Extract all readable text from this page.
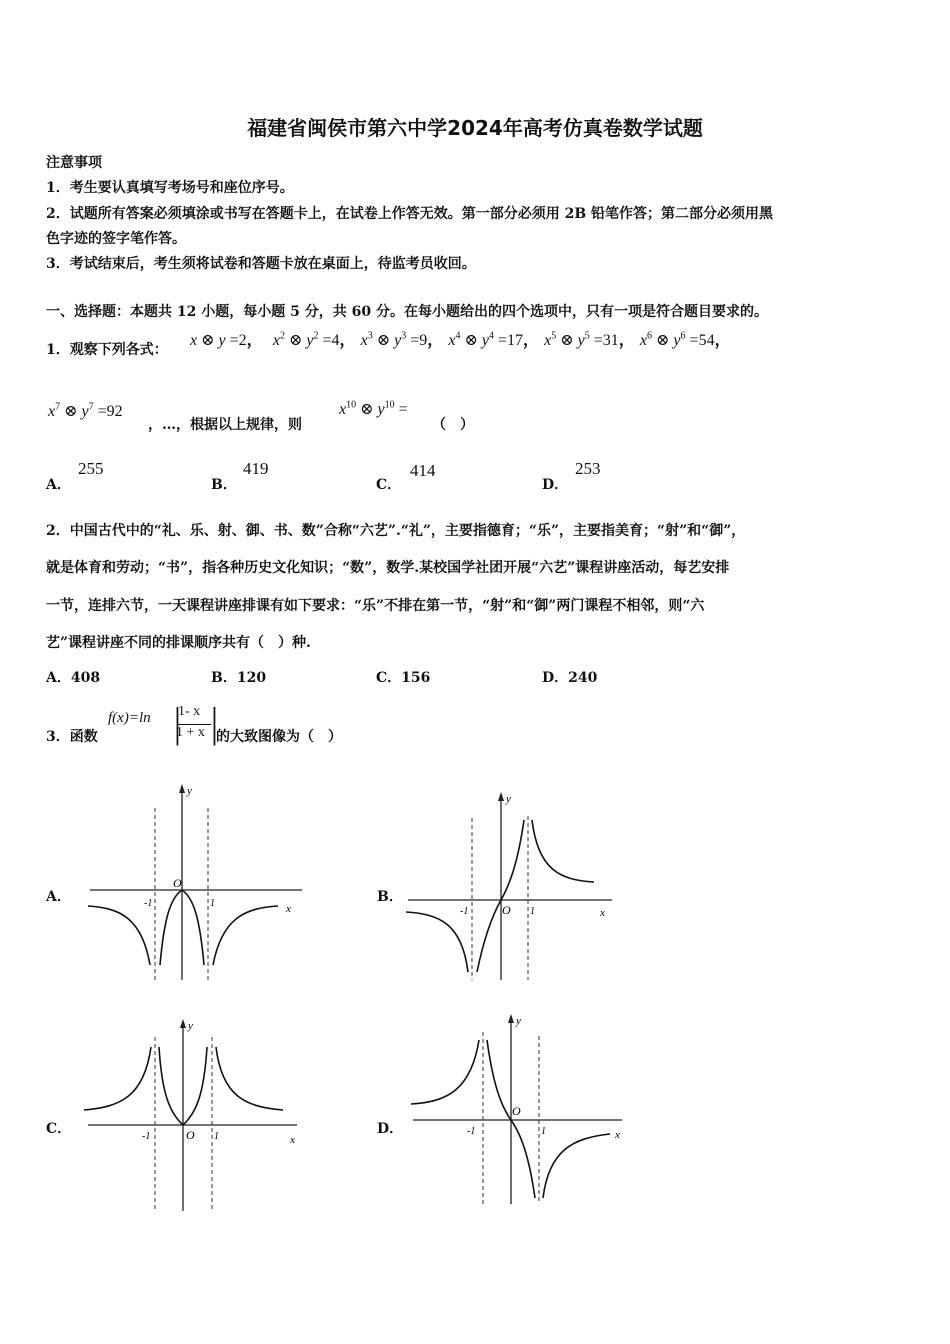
福建省闽侯市第六中学2024年高考仿真卷数学试题
注意事项
1．考生要认真填写考场号和座位序号。
2．试题所有答案必须填涂或书写在答题卡上，在试卷上作答无效。第一部分必须用 2B 铅笔作答；第二部分必须用黑
色字迹的签字笔作答。
3．考试结束后，考生须将试卷和答题卡放在桌面上，待监考员收回。
一、选择题：本题共 12 小题，每小题 5 分，共 60 分。在每小题给出的四个选项中，只有一项是符合题目要求的。
1．观察下列各式：
x ⊗ y =2， $x^2$ ⊗ $y^2 =4$， $x^3$ ⊗ $y^3 =9$， $x^4$ ⊗ $y^4 =17$， $x^5$ ⊗ $y^5 =31$， $x^6$ ⊗ $y^6 =54$，
$x^7$ ⊗ $y^7 =92$
，…，根据以上规律，则
$x^{10}$ ⊗ $y^{10}$ =
（　）
A．
255
B．
419
C．
414
D．
253
2．中国古代中的“礼、乐、射、御、书、数”合称“六艺”.“礼”，主要指德育；“乐”，主要指美育；“射”和“御”，
就是体育和劳动；“书”，指各种历史文化知识；“数”，数学.某校国学社团开展“六艺”课程讲座活动，每艺安排
一节，连排六节，一天课程讲座排课有如下要求：“乐”不排在第一节，“射”和“御”两门课程不相邻，则“六
艺”课程讲座不同的排课顺序共有（　）种.
A．408	B．120	C．156	D．240
3．函数
f(x)=ln |
1- x
1 + x |
的大致图像为（　）
A．
y
O
-1	1	x
B．
y
O
-1	1	x
C．
y
O
-1	1	x
D．
y
O
-1	1	x
